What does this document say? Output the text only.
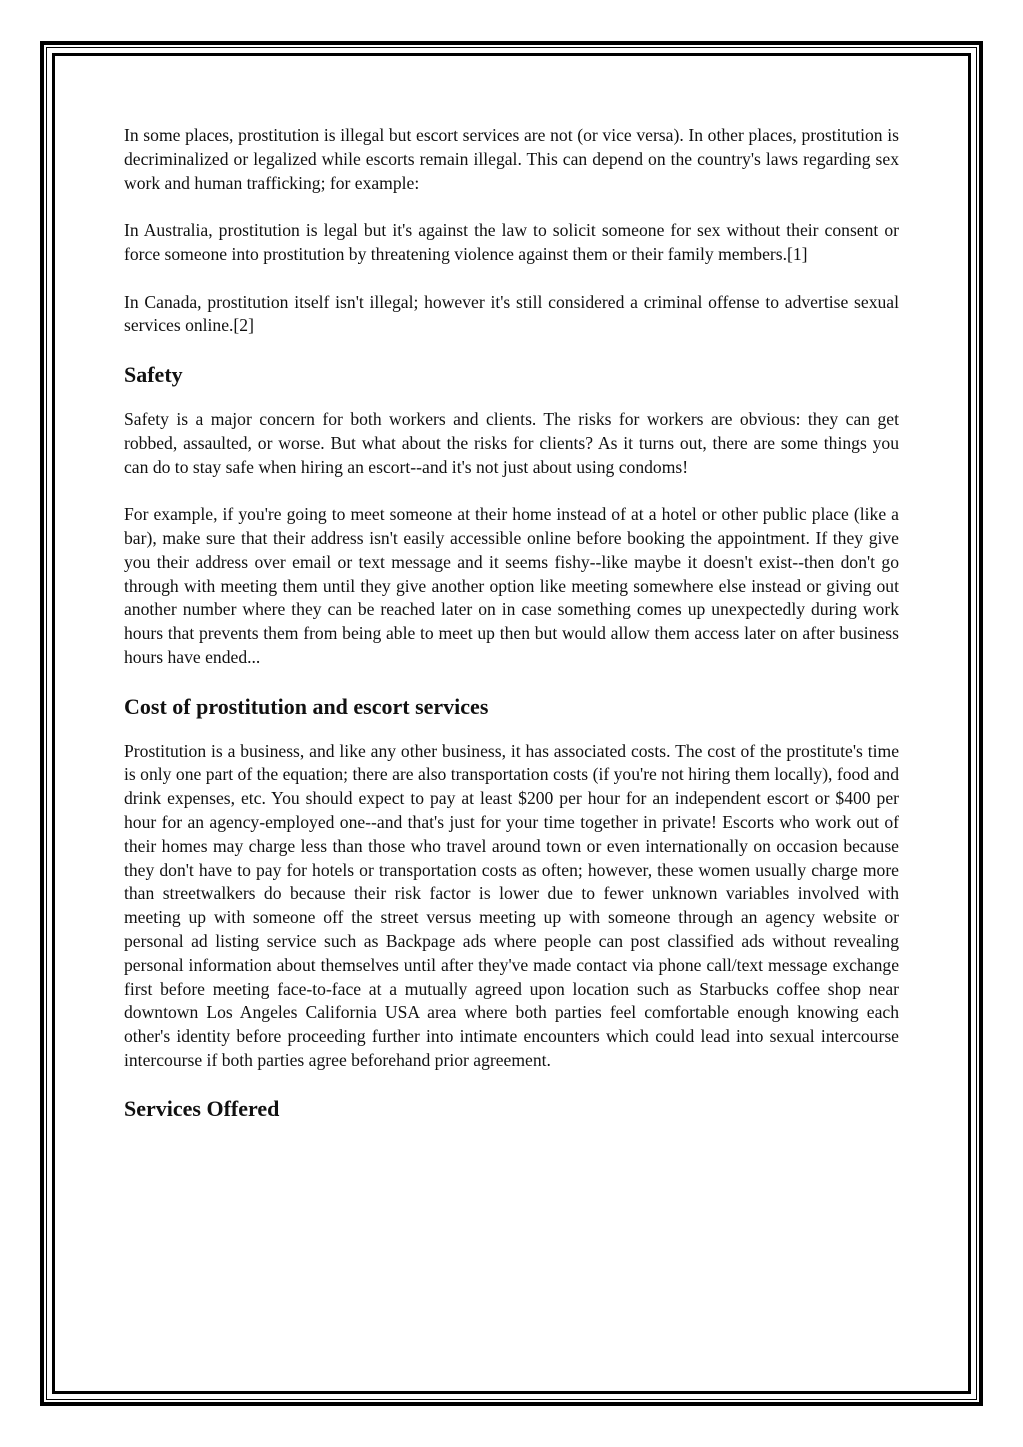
In some places, prostitution is illegal but escort services are not (or vice versa). In other places, prostitution is decriminalized or legalized while escorts remain illegal. This can depend on the country's laws regarding sex work and human trafficking; for example:

In Australia, prostitution is legal but it's against the law to solicit someone for sex without their consent or force someone into prostitution by threatening violence against them or their family members.[1]

In Canada, prostitution itself isn't illegal; however it's still considered a criminal offense to advertise sexual services online.[2]

Safety

Safety is a major concern for both workers and clients. The risks for workers are obvious: they can get robbed, assaulted, or worse. But what about the risks for clients? As it turns out, there are some things you can do to stay safe when hiring an escort--and it's not just about using condoms!

For example, if you're going to meet someone at their home instead of at a hotel or other public place (like a bar), make sure that their address isn't easily accessible online before booking the appointment. If they give you their address over email or text message and it seems fishy--like maybe it doesn't exist--then don't go through with meeting them until they give another option like meeting somewhere else instead or giving out another number where they can be reached later on in case something comes up unexpectedly during work hours that prevents them from being able to meet up then but would allow them access later on after business hours have ended...

Cost of prostitution and escort services

Prostitution is a business, and like any other business, it has associated costs. The cost of the prostitute's time is only one part of the equation; there are also transportation costs (if you're not hiring them locally), food and drink expenses, etc. You should expect to pay at least $200 per hour for an independent escort or $400 per hour for an agency-employed one--and that's just for your time together in private! Escorts who work out of their homes may charge less than those who travel around town or even internationally on occasion because they don't have to pay for hotels or transportation costs as often; however, these women usually charge more than streetwalkers do because their risk factor is lower due to fewer unknown variables involved with meeting up with someone off the street versus meeting up with someone through an agency website or personal ad listing service such as Backpage ads where people can post classified ads without revealing personal information about themselves until after they've made contact via phone call/text message exchange first before meeting face-to-face at a mutually agreed upon location such as Starbucks coffee shop near downtown Los Angeles California USA area where both parties feel comfortable enough knowing each other's identity before proceeding further into intimate encounters which could lead into sexual intercourse intercourse if both parties agree beforehand prior agreement.

Services Offered
